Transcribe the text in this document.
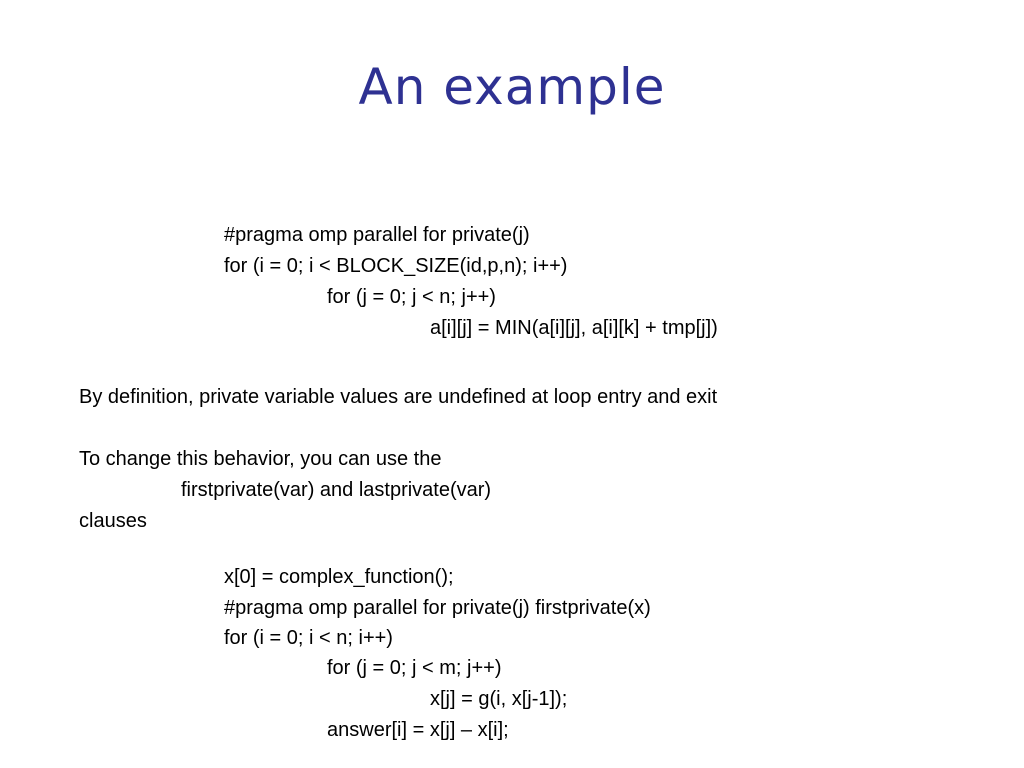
An example
#pragma omp parallel for private(j)
for (i = 0; i < BLOCK_SIZE(id,p,n); i++)
for (j = 0; j < n; j++)
a[i][j] = MIN(a[i][j], a[i][k] + tmp[j])
By definition, private variable values are undefined at loop entry and exit
To change this behavior, you can use the
firstprivate(var) and lastprivate(var)
clauses
x[0] = complex_function();
#pragma omp parallel for private(j) firstprivate(x)
for (i = 0; i < n; i++)
for (j = 0; j < m; j++)
x[j] = g(i, x[j-1]);
answer[i] = x[j] – x[i];
